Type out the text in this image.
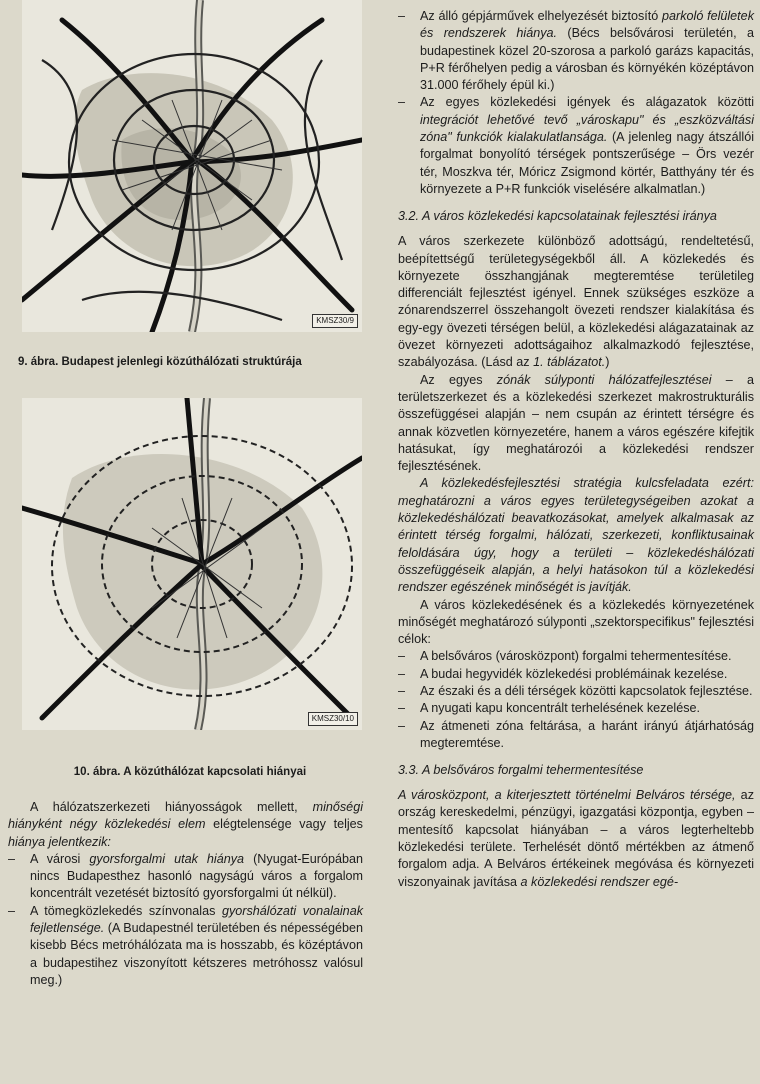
KMSZ30/9
9. ábra. Budapest jelenlegi közúthálózati struktúrája
KMSZ30/10
10. ábra. A közúthálózat kapcsolati hiányai

A hálózatszerkezeti hiányosságok mellett, minőségi hiányként négy közlekedési elem elégtelensége vagy teljes hiánya jelentkezik:

–	A városi gyorsforgalmi utak hiánya (Nyugat-Európában nincs Budapesthez hasonló nagyságú város a forgalom koncentrált vezetését biztosító gyorsforgalmi út nélkül).
–	A tömegközlekedés színvonalas gyorshálózati vonalainak fejletlensége. (A Budapestnél területében és népességében kisebb Bécs metróhálózata ma is hosszabb, és középtávon a budapestihez viszonyított kétszeres metróhossz valósul meg.)
–	Az álló gépjárművek elhelyezését biztosító parkoló felületek és rendszerek hiánya. (Bécs belsővárosi területén, a budapestinek közel 20-szorosa a parkoló garázs kapacitás, P+R férőhelyen pedig a városban és környékén középtávon 31.000 férőhely épül ki.)
–	Az egyes közlekedési igények és alágazatok közötti integrációt lehetővé tevő „városkapu" és „eszközváltási zóna" funkciók kialakulatlansága. (A jelenleg nagy átszállói forgalmat bonyolító térségek pontszerűsége – Örs vezér tér, Moszkva tér, Móricz Zsigmond körtér, Batthyány tér és környezete a P+R funkciók viselésére alkalmatlan.)
3.2. A város közlekedési kapcsolatainak fejlesztési iránya

A város szerkezete különböző adottságú, rendeltetésű, beépítettségű területegységekből áll. A közlekedés és környezete összhangjának megteremtése területileg differenciált fejlesztést igényel. Ennek szükséges eszköze a zónarendszerrel összehangolt övezeti rendszer kialakítása és egy-egy övezeti térségen belül, a közlekedési alágazatainak az övezet környezeti adottságaihoz alkalmazkodó fejlesztése, szabályozása. (Lásd az 1. táblázatot.)

Az egyes zónák súlyponti hálózatfejlesztései – a területszerkezet és a közlekedési szerkezet makrostrukturális összefüggései alapján – nem csupán az érintett térségre és annak közvetlen környezetére, hanem a város egészére kifejtik hatásukat, így meghatározói a közlekedési rendszer fejlesztésének.

A közlekedésfejlesztési stratégia kulcsfeladata ezért: meghatározni a város egyes területegységeiben azokat a közlekedéshálózati beavatkozásokat, amelyek alkalmasak az érintett térség forgalmi, hálózati, szerkezeti, konfliktusainak feloldására úgy, hogy a területi – közlekedéshálózati összefüggéseik alapján, a helyi hatásokon túl a közlekedési rendszer egészének minőségét is javítják.

A város közlekedésének és a közlekedés környezetének minőségét meghatározó súlyponti „szektorspecifikus" fejlesztési célok:

–	A belsőváros (városközpont) forgalmi tehermentesítése.
–	A budai hegyvidék közlekedési problémáinak kezelése.
–	Az északi és a déli térségek közötti kapcsolatok fejlesztése.
–	A nyugati kapu koncentrált terhelésének kezelése.
–	Az átmeneti zóna feltárása, a haránt irányú átjárhatóság megteremtése.
3.3. A belsőváros forgalmi tehermentesítése

A városközpont, a kiterjesztett történelmi Belváros térsége, az ország kereskedelmi, pénzügyi, igazgatási központja, egyben – mentesítő kapcsolat hiányában – a város legterheltebb közlekedési területe. Terhelését döntő mértékben az átmenő forgalom adja. A Belváros értékeinek megóvása és környezeti viszonyainak javítása a közlekedési rendszer egé-
